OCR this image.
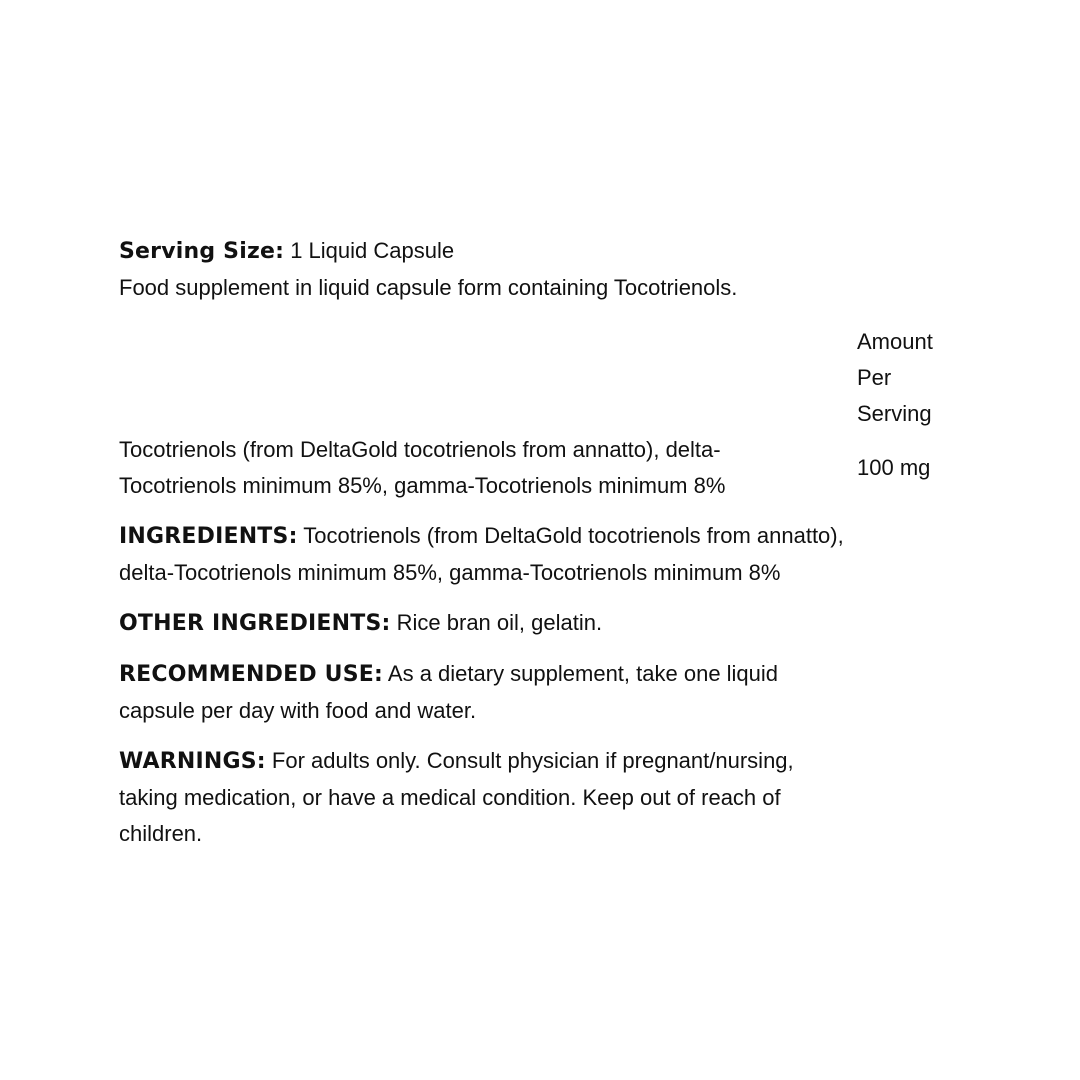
Serving Size: 1 Liquid Capsule

Food supplement in liquid capsule form containing Tocotrienols.

Amount
Per
Serving
Tocotrienols (from DeltaGold tocotrienols from annatto), delta-
Tocotrienols minimum 85%, gamma-Tocotrienols minimum 8%
100 mg
INGREDIENTS: Tocotrienols (from DeltaGold tocotrienols from annatto),
delta-Tocotrienols minimum 85%, gamma-Tocotrienols minimum 8%
OTHER INGREDIENTS: Rice bran oil, gelatin.
RECOMMENDED USE: As a dietary supplement, take one liquid
capsule per day with food and water.
WARNINGS: For adults only. Consult physician if pregnant/nursing,
taking medication, or have a medical condition. Keep out of reach of
children.
